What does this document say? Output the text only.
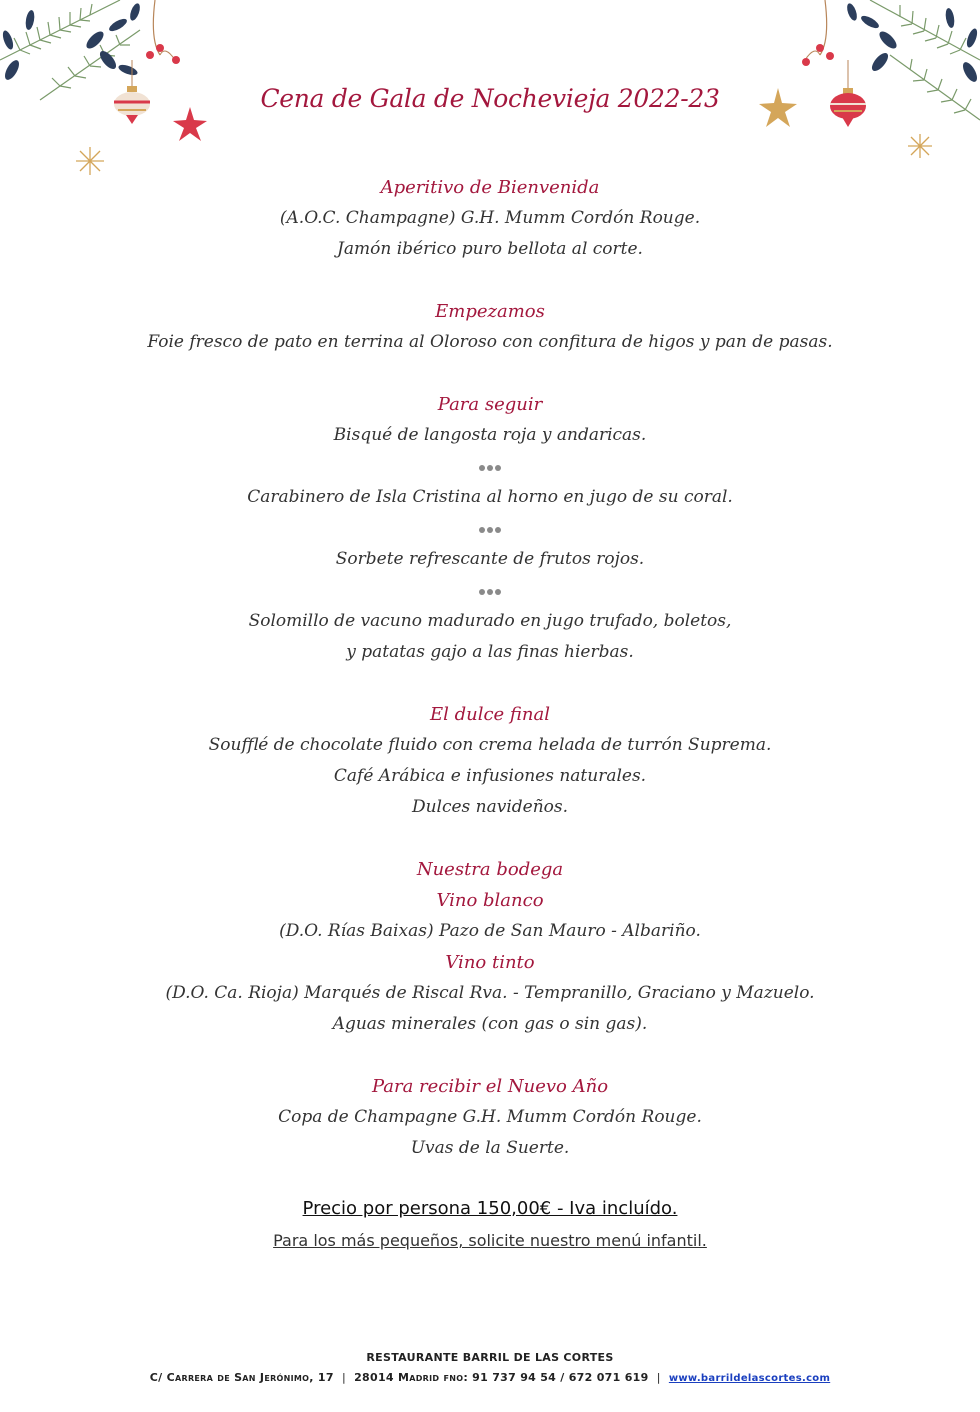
Cena de Gala de Nochevieja 2022-23
Aperitivo de Bienvenida
(A.O.C. Champagne) G.H. Mumm Cordón Rouge.
Jamón ibérico puro bellota al corte.
Empezamos
Foie fresco de pato en terrina al Oloroso con confitura de higos y pan de pasas.
Para seguir
Bisqué de langosta roja y andaricas.
Carabinero de Isla Cristina al horno en jugo de su coral.
Sorbete refrescante de frutos rojos.
Solomillo de vacuno madurado en jugo trufado, boletos,
y patatas gajo a las finas hierbas.
El dulce final
Soufflé de chocolate fluido con crema helada de turrón Suprema.
Café Arábica e infusiones naturales.
Dulces navideños.
Nuestra bodega
Vino blanco
(D.O. Rías Baixas) Pazo de San Mauro - Albariño.
Vino tinto
(D.O. Ca. Rioja) Marqués de Riscal Rva. - Tempranillo, Graciano y Mazuelo.
Aguas minerales (con gas o sin gas).
Para recibir el Nuevo Año
Copa de Champagne G.H. Mumm Cordón Rouge.
Uvas de la Suerte.
Precio por persona 150,00€ - Iva incluído.
Para los más pequeños, solicite nuestro menú infantil.
RESTAURANTE BARRIL DE LAS CORTES
C/ Carrera de San Jerónimo, 17 | 28014 Madrid fno: 91 737 94 54 / 672 071 619 | www.barrildelascortes.com
